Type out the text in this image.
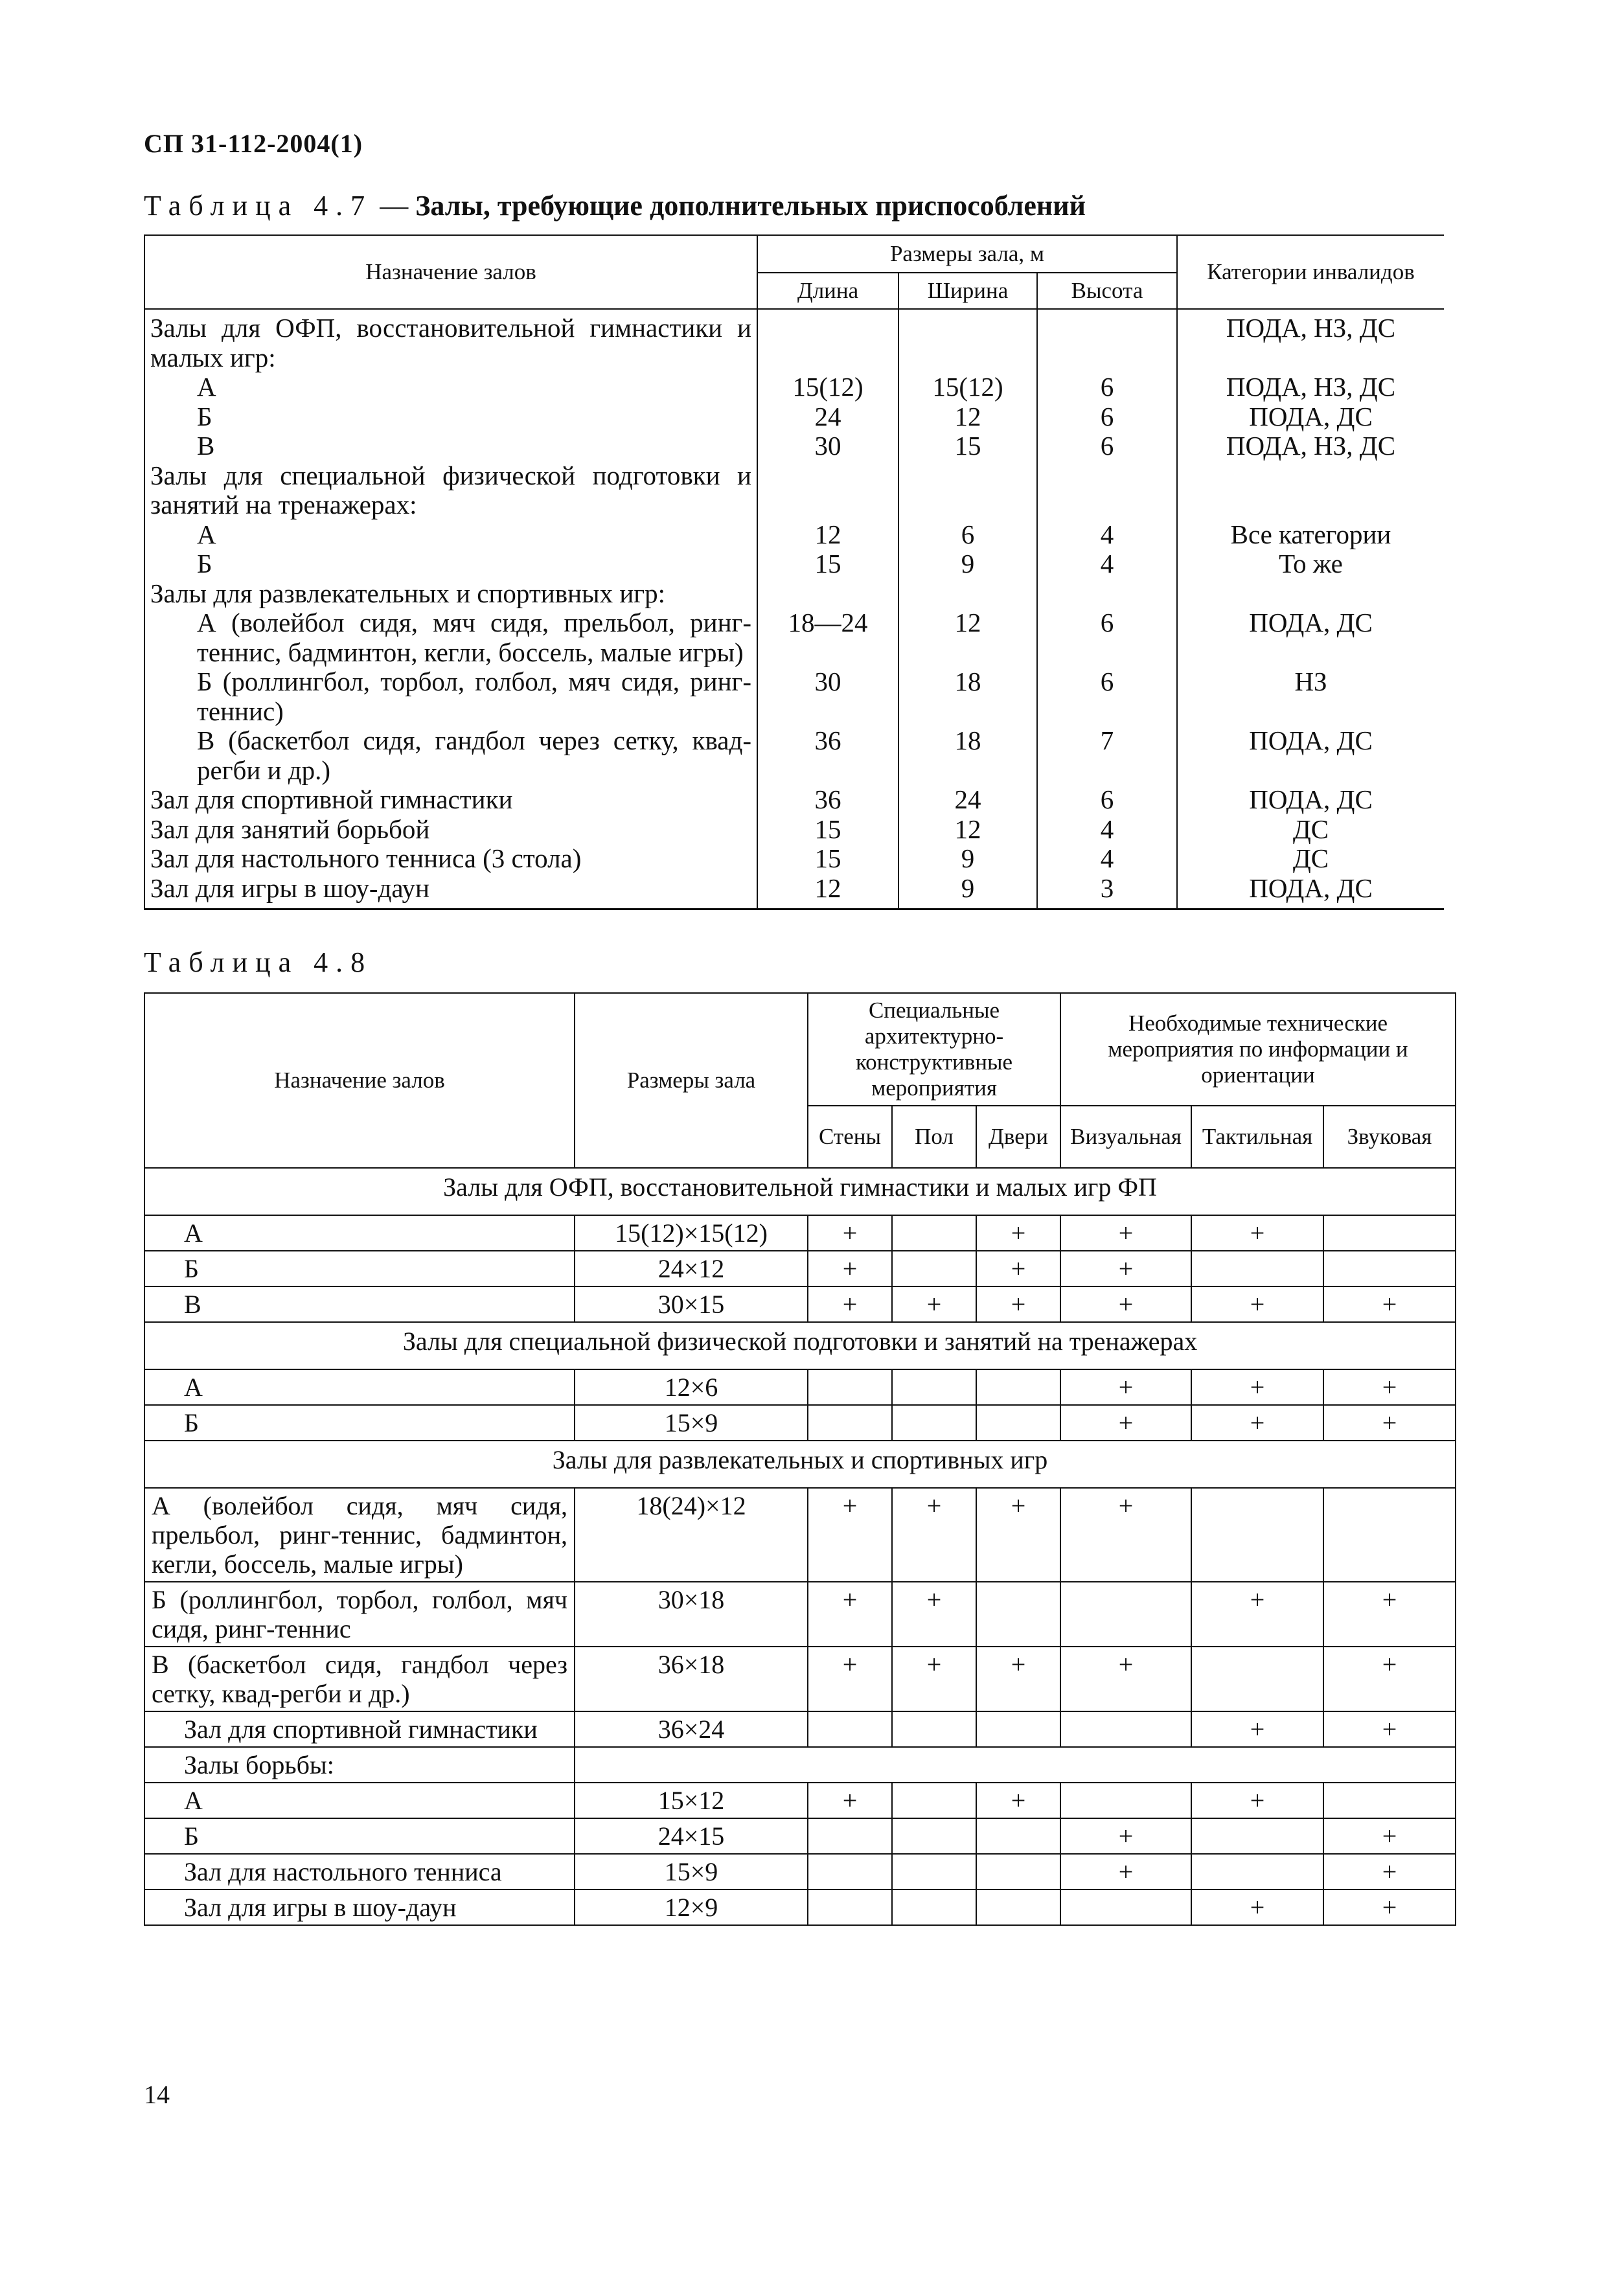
СП 31-112-2004(1)
Таблица 4.7 — Залы, требующие дополнительных приспособлений
Назначение залов	Размеры зала, м			Категории инвалидов
	Длина	Ширина	Высота	
Залы для ОФП, восстановительной гимнастики и малых игр:				ПОДА, НЗ, ДС
А	15(12)	15(12)	6	ПОДА, НЗ, ДС
Б	24	12	6	ПОДА, ДС
В	30	15	6	ПОДА, НЗ, ДС
Залы для специальной физической подготовки и занятий на тренажерах:				
А	12	6	4	Все категории
Б	15	9	4	То же
Залы для развлекательных и спортивных игр:				
А (волейбол сидя, мяч сидя, прельбол, ринг-теннис, бадминтон, кегли, боссель, малые игры)	18—24	12	6	ПОДА, ДС
Б (роллингбол, торбол, голбол, мяч сидя, ринг-теннис)	30	18	6	НЗ
В (баскетбол сидя, гандбол через сетку, квад-регби и др.)	36	18	7	ПОДА, ДС
Зал для спортивной гимнастики	36	24	6	ПОДА, ДС
Зал для занятий борьбой	15	12	4	ДС
Зал для настольного тенниса (3 стола)	15	9	4	ДС
Зал для игры в шоу-даун	12	9	3	ПОДА, ДС
Таблица 4.8
Назначение залов	Размеры зала	Специальные архитектурно-конструктивные мероприятия			Необходимые технические мероприятия по информации и ориентации		
		Стены	Пол	Двери	Визуальная	Тактильная	Звуковая
Залы для ОФП, восстановительной гимнастики и малых игр ФП							
А	15(12)×15(12)	+		+	+	+	
Б	24×12	+		+	+		
В	30×15	+	+	+	+	+	+
Залы для специальной физической подготовки и занятий на тренажерах							
А	12×6				+	+	+
Б	15×9				+	+	+
Залы для развлекательных и спортивных игр							
А (волейбол сидя, мяч сидя, прельбол, ринг-теннис, бадминтон, кегли, боссель, малые игры)	18(24)×12	+	+	+	+		
Б (роллингбол, торбол, голбол, мяч сидя, ринг-теннис	30×18	+	+			+	+
В (баскетбол сидя, гандбол через сетку, квад-регби и др.)	36×18	+	+	+	+		+
Зал для спортивной гимнастики	36×24					+	+
Залы борьбы:							
А	15×12	+		+		+	
Б	24×15				+		+
Зал для настольного тенниса	15×9				+		+
Зал для игры в шоу-даун	12×9					+	+
14
